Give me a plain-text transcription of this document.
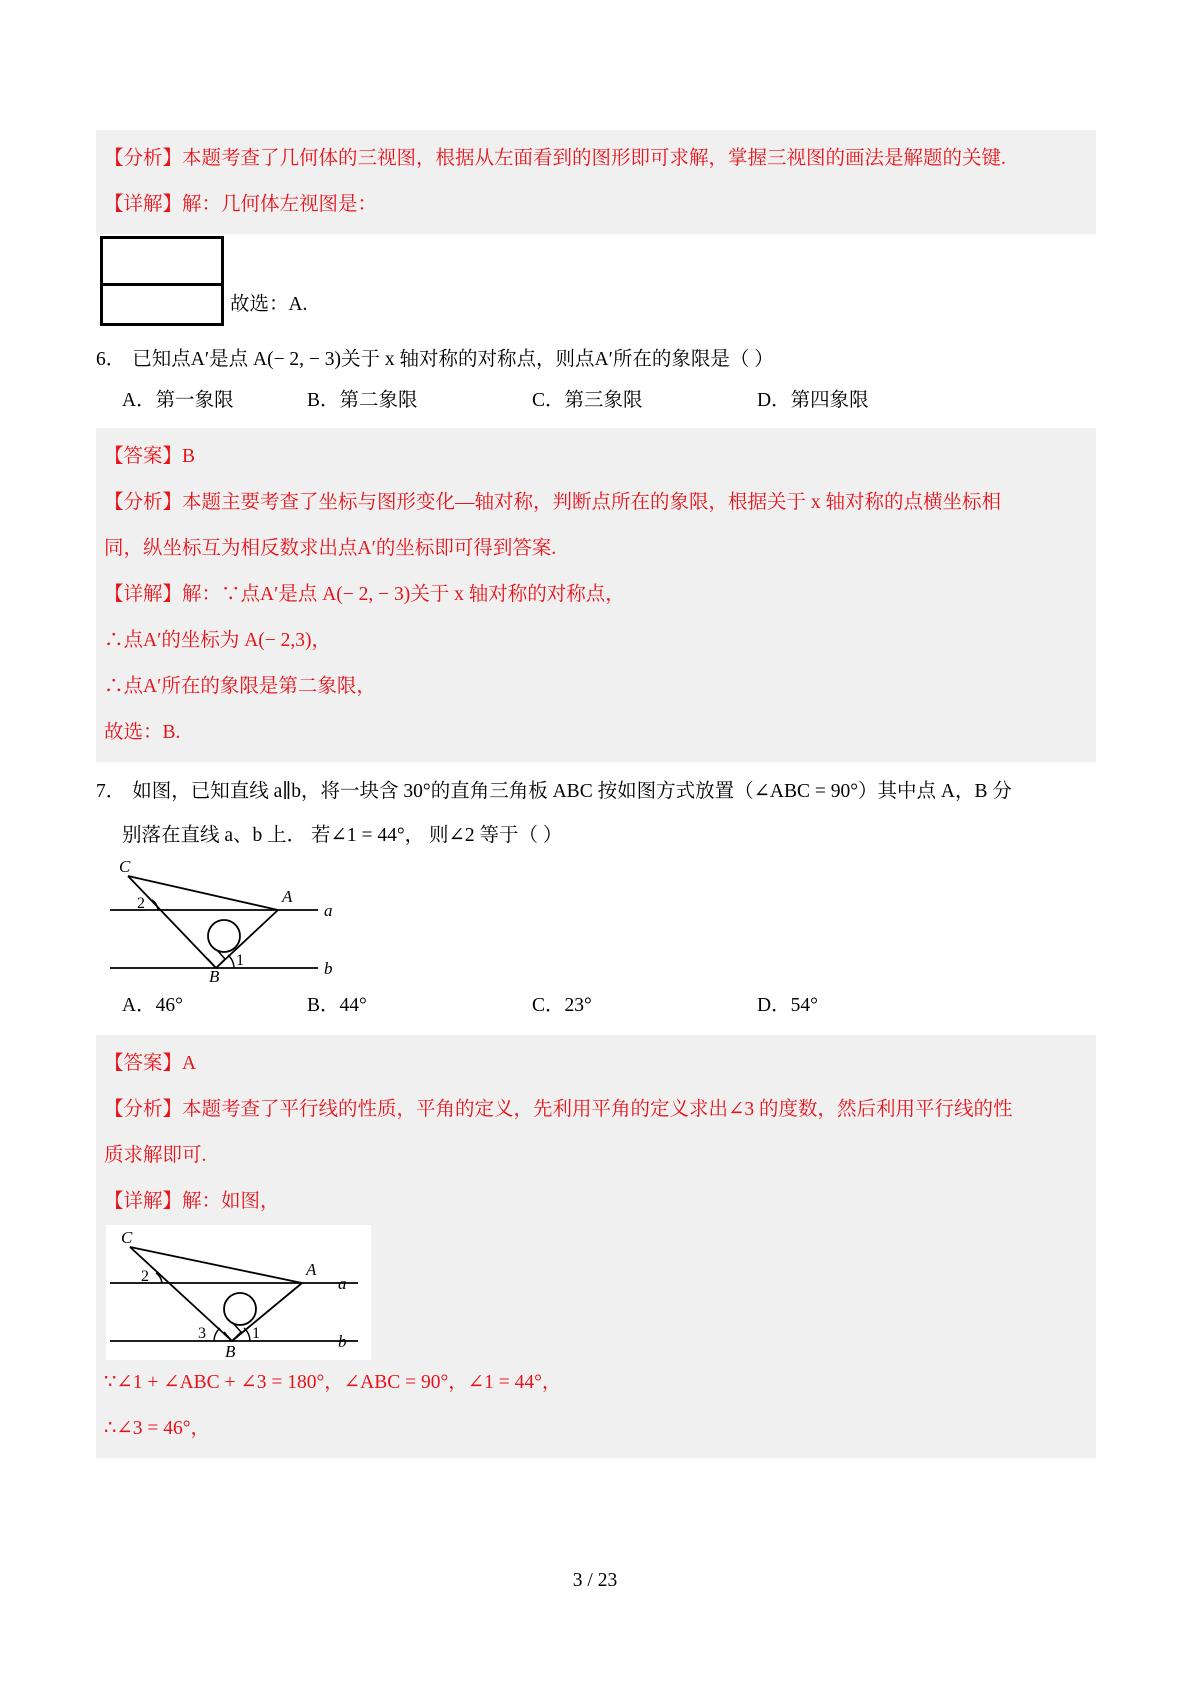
【分析】本题考查了几何体的三视图，根据从左面看到的图形即可求解，掌握三视图的画法是解题的关键.
【详解】解：几何体左视图是：
故选：A.
6． 已知点A′是点 A(− 2, − 3)关于 x 轴对称的对称点，则点A′所在的象限是（ ）
A．第一象限	B．第二象限	C．第三象限	D．第四象限
【答案】B
【分析】本题主要考查了坐标与图形变化—轴对称，判断点所在的象限，根据关于 x 轴对称的点横坐标相
同，纵坐标互为相反数求出点A′的坐标即可得到答案.
【详解】解：∵点A′是点 A(− 2, − 3)关于 x 轴对称的对称点，
∴点A′的坐标为 A(− 2,3)，
∴点A′所在的象限是第二象限，
故选：B.
7． 如图，已知直线 a∥b，将一块含 30°的直角三角板 ABC 按如图方式放置（∠ABC = 90°）其中点 A，B 分
别落在直线 a、b 上． 若∠1 = 44°， 则∠2 等于（ ）
C
A
B
a
b
2
1
A．46°	B．44°	C．23°	D．54°
【答案】A
【分析】本题考查了平行线的性质，平角的定义，先利用平角的定义求出∠3 的度数，然后利用平行线的性
质求解即可.
【详解】解：如图，
C
A
B
a
b
2
1
3
∵∠1 + ∠ABC + ∠3 = 180°，∠ABC = 90°，∠1 = 44°，
∴∠3 = 46°，
3 / 23
